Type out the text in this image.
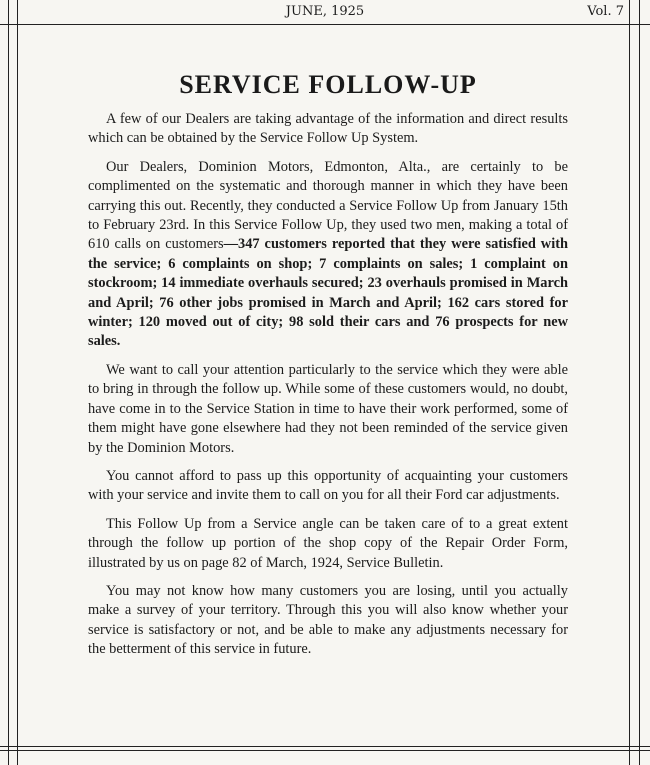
JUNE, 1925	Vol. 7
SERVICE FOLLOW-UP

A few of our Dealers are taking advantage of the information and direct results which can be obtained by the Service Follow Up System.

Our Dealers, Dominion Motors, Edmonton, Alta., are certainly to be complimented on the systematic and thorough manner in which they have been carrying this out. Recently, they conducted a Service Follow Up from January 15th to February 23rd. In this Service Follow Up, they used two men, making a total of 610 calls on customers—347 customers reported that they were satisfied with the service; 6 complaints on shop; 7 complaints on sales; 1 complaint on stockroom; 14 immediate overhauls secured; 23 overhauls promised in March and April; 76 other jobs promised in March and April; 162 cars stored for winter; 120 moved out of city; 98 sold their cars and 76 prospects for new sales.

We want to call your attention particularly to the service which they were able to bring in through the follow up. While some of these customers would, no doubt, have come in to the Service Station in time to have their work performed, some of them might have gone elsewhere had they not been reminded of the service given by the Dominion Motors.

You cannot afford to pass up this opportunity of acquainting your customers with your service and invite them to call on you for all their Ford car adjustments.

This Follow Up from a Service angle can be taken care of to a great extent through the follow up portion of the shop copy of the Repair Order Form, illustrated by us on page 82 of March, 1924, Service Bulletin.

You may not know how many customers you are losing, until you actually make a survey of your territory. Through this you will also know whether your service is satisfactory or not, and be able to make any adjustments necessary for the betterment of this service in future.
